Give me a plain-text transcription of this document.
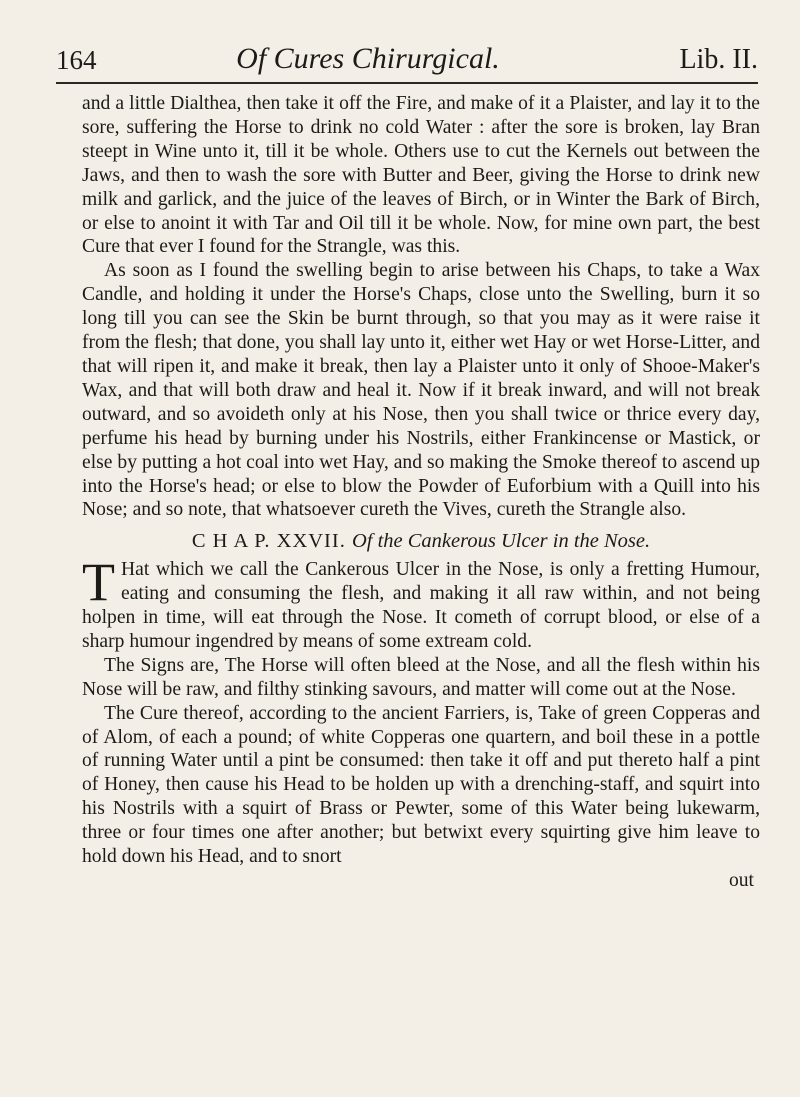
164	Of Cures Chirurgical.	Lib. II.

and a little Dialthea, then take it off the Fire, and make of it a Plaister, and lay it to the sore, suffering the Horse to drink no cold Water : after the sore is broken, lay Bran steept in Wine unto it, till it be whole. Others use to cut the Kernels out between the Jaws, and then to wash the sore with Butter and Beer, giving the Horse to drink new milk and garlick, and the juice of the leaves of Birch, or in Winter the Bark of Birch, or else to anoint it with Tar and Oil till it be whole. Now, for mine own part, the best Cure that ever I found for the Strangle, was this.

As soon as I found the swelling begin to arise between his Chaps, to take a Wax Candle, and holding it under the Horse's Chaps, close unto the Swelling, burn it so long till you can see the Skin be burnt through, so that you may as it were raise it from the flesh; that done, you shall lay unto it, either wet Hay or wet Horse-Litter, and that will ripen it, and make it break, then lay a Plaister unto it only of Shooe-Maker's Wax, and that will both draw and heal it. Now if it break inward, and will not break outward, and so avoideth only at his Nose, then you shall twice or thrice every day, perfume his head by burning under his Nostrils, either Frankincense or Mastick, or else by putting a hot coal into wet Hay, and so making the Smoke thereof to ascend up into the Horse's head; or else to blow the Powder of Euforbium with a Quill into his Nose; and so note, that whatsoever cureth the Vives, cureth the Strangle also.

C H A P. XXVII. Of the Cankerous Ulcer in the Nose.

T Hat which we call the Cankerous Ulcer in the Nose, is only a fretting Humour, eating and consuming the flesh, and making it all raw within, and not being holpen in time, will eat through the Nose. It cometh of corrupt blood, or else of a sharp humour ingendred by means of some extream cold.

The Signs are, The Horse will often bleed at the Nose, and all the flesh within his Nose will be raw, and filthy stinking savours, and matter will come out at the Nose.

The Cure thereof, according to the ancient Farriers, is, Take of green Copperas and of Alom, of each a pound; of white Copperas one quartern, and boil these in a pottle of running Water until a pint be consumed: then take it off and put thereto half a pint of Honey, then cause his Head to be holden up with a drenching-staff, and squirt into his Nostrils with a squirt of Brass or Pewter, some of this Water being lukewarm, three or four times one after another; but betwixt every squirting give him leave to hold down his Head, and to snort

out
